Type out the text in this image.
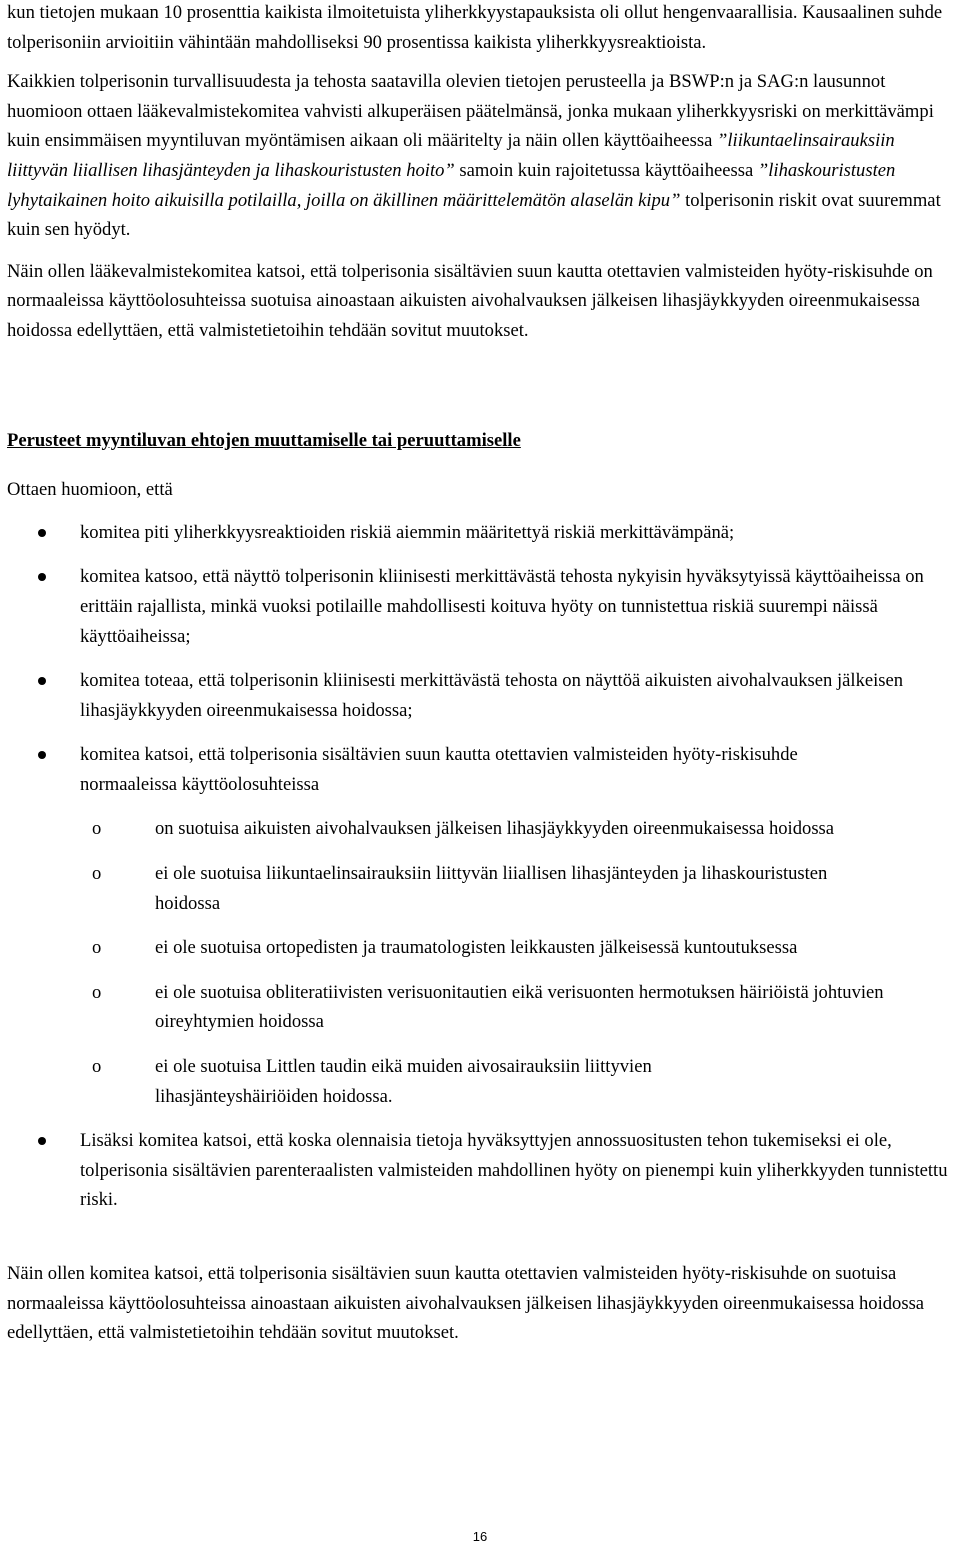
kun tietojen mukaan 10 prosenttia kaikista ilmoitetuista yliherkkyystapauksista oli ollut hengenvaarallisia. Kausaalinen suhde tolperisoniin arvioitiin vähintään mahdolliseksi 90 prosentissa kaikista yliherkkyysreaktioista.

Kaikkien tolperisonin turvallisuudesta ja tehosta saatavilla olevien tietojen perusteella ja BSWP:n ja SAG:n lausunnot huomioon ottaen lääkevalmistekomitea vahvisti alkuperäisen päätelmänsä, jonka mukaan yliherkkyysriski on merkittävämpi kuin ensimmäisen myyntiluvan myöntämisen aikaan oli määritelty ja näin ollen käyttöaiheessa ”liikuntaelinsairauksiin liittyvän liiallisen lihasjänteyden ja lihaskouristusten hoito” samoin kuin rajoitetussa käyttöaiheessa ”lihaskouristusten lyhytaikainen hoito aikuisilla potilailla, joilla on äkillinen määrittelemätön alaselän kipu” tolperisonin riskit ovat suuremmat kuin sen hyödyt.

Näin ollen lääkevalmistekomitea katsoi, että tolperisonia sisältävien suun kautta otettavien valmisteiden hyöty-riskisuhde on normaaleissa käyttöolosuhteissa suotuisa ainoastaan aikuisten aivohalvauksen jälkeisen lihasjäykkyyden oireenmukaisessa hoidossa edellyttäen, että valmistetietoihin tehdään sovitut muutokset.

Perusteet myyntiluvan ehtojen muuttamiselle tai peruuttamiselle

Ottaen huomioon, että

komitea piti yliherkkyysreaktioiden riskiä aiemmin määritettyä riskiä merkittävämpänä;
komitea katsoo, että näyttö tolperisonin kliinisesti merkittävästä tehosta nykyisin hyväksytyissä käyttöaiheissa on erittäin rajallista, minkä vuoksi potilaille mahdollisesti koituva hyöty on tunnistettua riskiä suurempi näissä käyttöaiheissa;
komitea toteaa, että tolperisonin kliinisesti merkittävästä tehosta on näyttöä aikuisten aivohalvauksen jälkeisen lihasjäykkyyden oireenmukaisessa hoidossa;
komitea katsoi, että tolperisonia sisältävien suun kautta otettavien valmisteiden hyöty-riskisuhde normaaleissa käyttöolosuhteissa
o	on suotuisa aikuisten aivohalvauksen jälkeisen lihasjäykkyyden oireenmukaisessa hoidossa
o	ei ole suotuisa liikuntaelinsairauksiin liittyvän liiallisen lihasjänteyden ja lihaskouristusten hoidossa
o	ei ole suotuisa ortopedisten ja traumatologisten leikkausten jälkeisessä kuntoutuksessa
o	ei ole suotuisa obliteratiivisten verisuonitautien eikä verisuonten hermotuksen häiriöistä johtuvien oireyhtymien hoidossa
o	ei ole suotuisa Littlen taudin eikä muiden aivosairauksiin liittyvien lihasjänteyshäiriöiden hoidossa.
Lisäksi komitea katsoi, että koska olennaisia tietoja hyväksyttyjen annossuositusten tehon tukemiseksi ei ole, tolperisonia sisältävien parenteraalisten valmisteiden mahdollinen hyöty on pienempi kuin yliherkkyyden tunnistettu riski.

Näin ollen komitea katsoi, että tolperisonia sisältävien suun kautta otettavien valmisteiden hyöty-riskisuhde on suotuisa normaaleissa käyttöolosuhteissa ainoastaan aikuisten aivohalvauksen jälkeisen lihasjäykkyyden oireenmukaisessa hoidossa edellyttäen, että valmistetietoihin tehdään sovitut muutokset.

16
